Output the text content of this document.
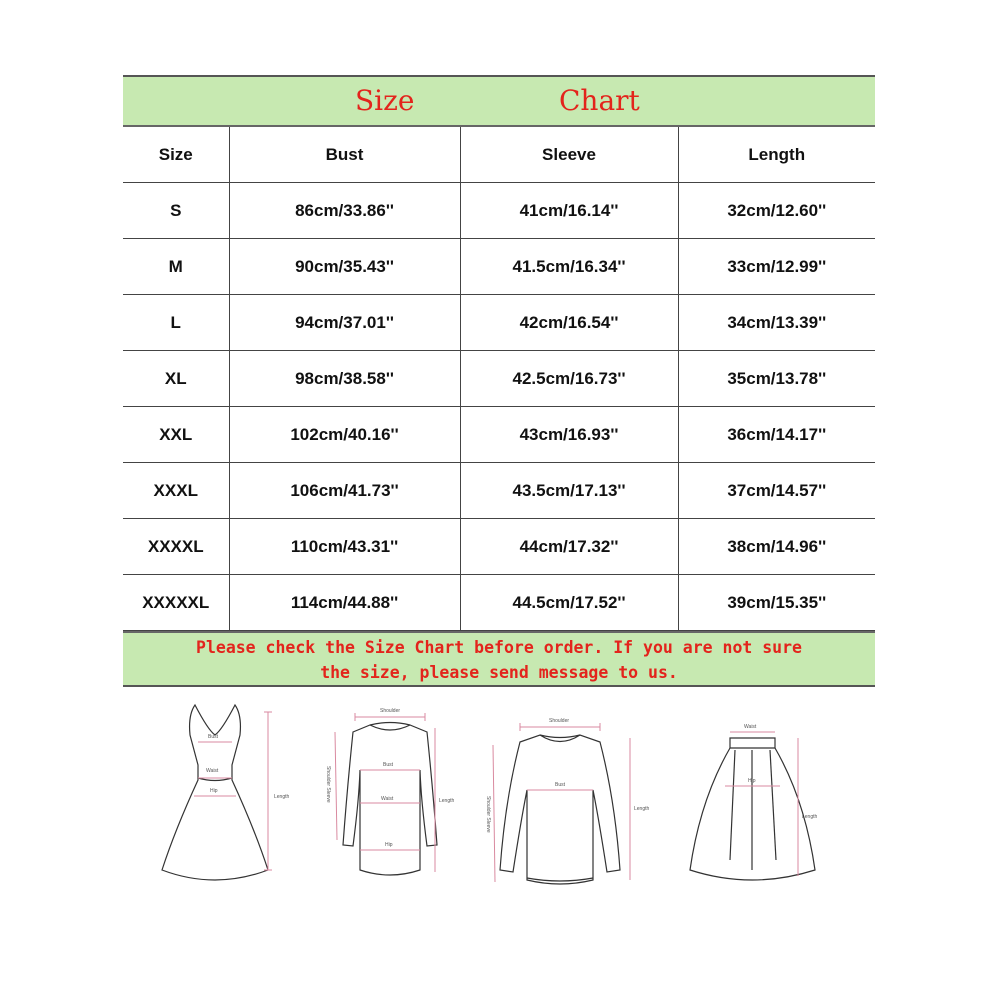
Size	Chart
Size	Bust	Sleeve	Length
S	86cm/33.86''	41cm/16.14''	32cm/12.60''
M	90cm/35.43''	41.5cm/16.34''	33cm/12.99''
L	94cm/37.01''	42cm/16.54''	34cm/13.39''
XL	98cm/38.58''	42.5cm/16.73''	35cm/13.78''
XXL	102cm/40.16''	43cm/16.93''	36cm/14.17''
XXXL	106cm/41.73''	43.5cm/17.13''	37cm/14.57''
XXXXL	110cm/43.31''	44cm/17.32''	38cm/14.96''
XXXXXL	114cm/44.88''	44.5cm/17.52''	39cm/15.35''
Please check the Size Chart before order. If you are not sure
the size, please send message to us.
Bust
Waist
Hip
Length
Shoulder
Shoulder Sleeve
Bust
Waist
Hip
Length
Shoulder
Shoulder Sleeve
Bust
Length
Waist
Hip
Length
